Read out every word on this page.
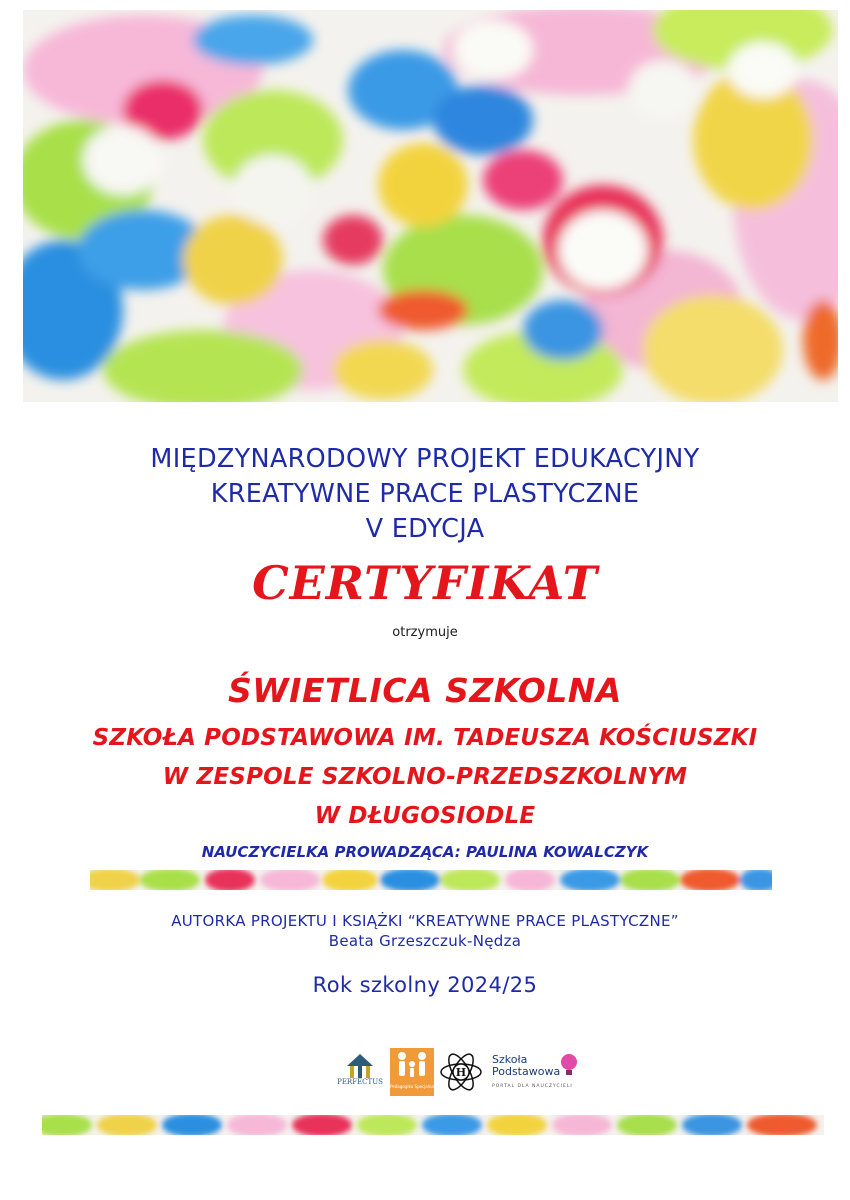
MIĘDZYNARODOWY PROJEKT EDUKACYJNY
KREATYWNE PRACE PLASTYCZNE
V EDYCJA
CERTYFIKAT
otrzymuje
ŚWIETLICA SZKOLNA
SZKOŁA PODSTAWOWA IM. TADEUSZA KOŚCIUSZKI
W ZESPOLE SZKOLNO-PRZEDSZKOLNYM
W DŁUGOSIODLE
NAUCZYCIELKA PROWADZĄCA: PAULINA KOWALCZYK
AUTORKA PROJEKTU I KSIĄŻKI “KREATYWNE PRACE PLASTYCZNE”
Beata Grzeszczuk-Nędza
Rok szkolny 2024/25
PERFECTUS
Pedagogika Specjalna
H
Szkoła
Podstawowa
PORTAL DLA NAUCZYCIELI
